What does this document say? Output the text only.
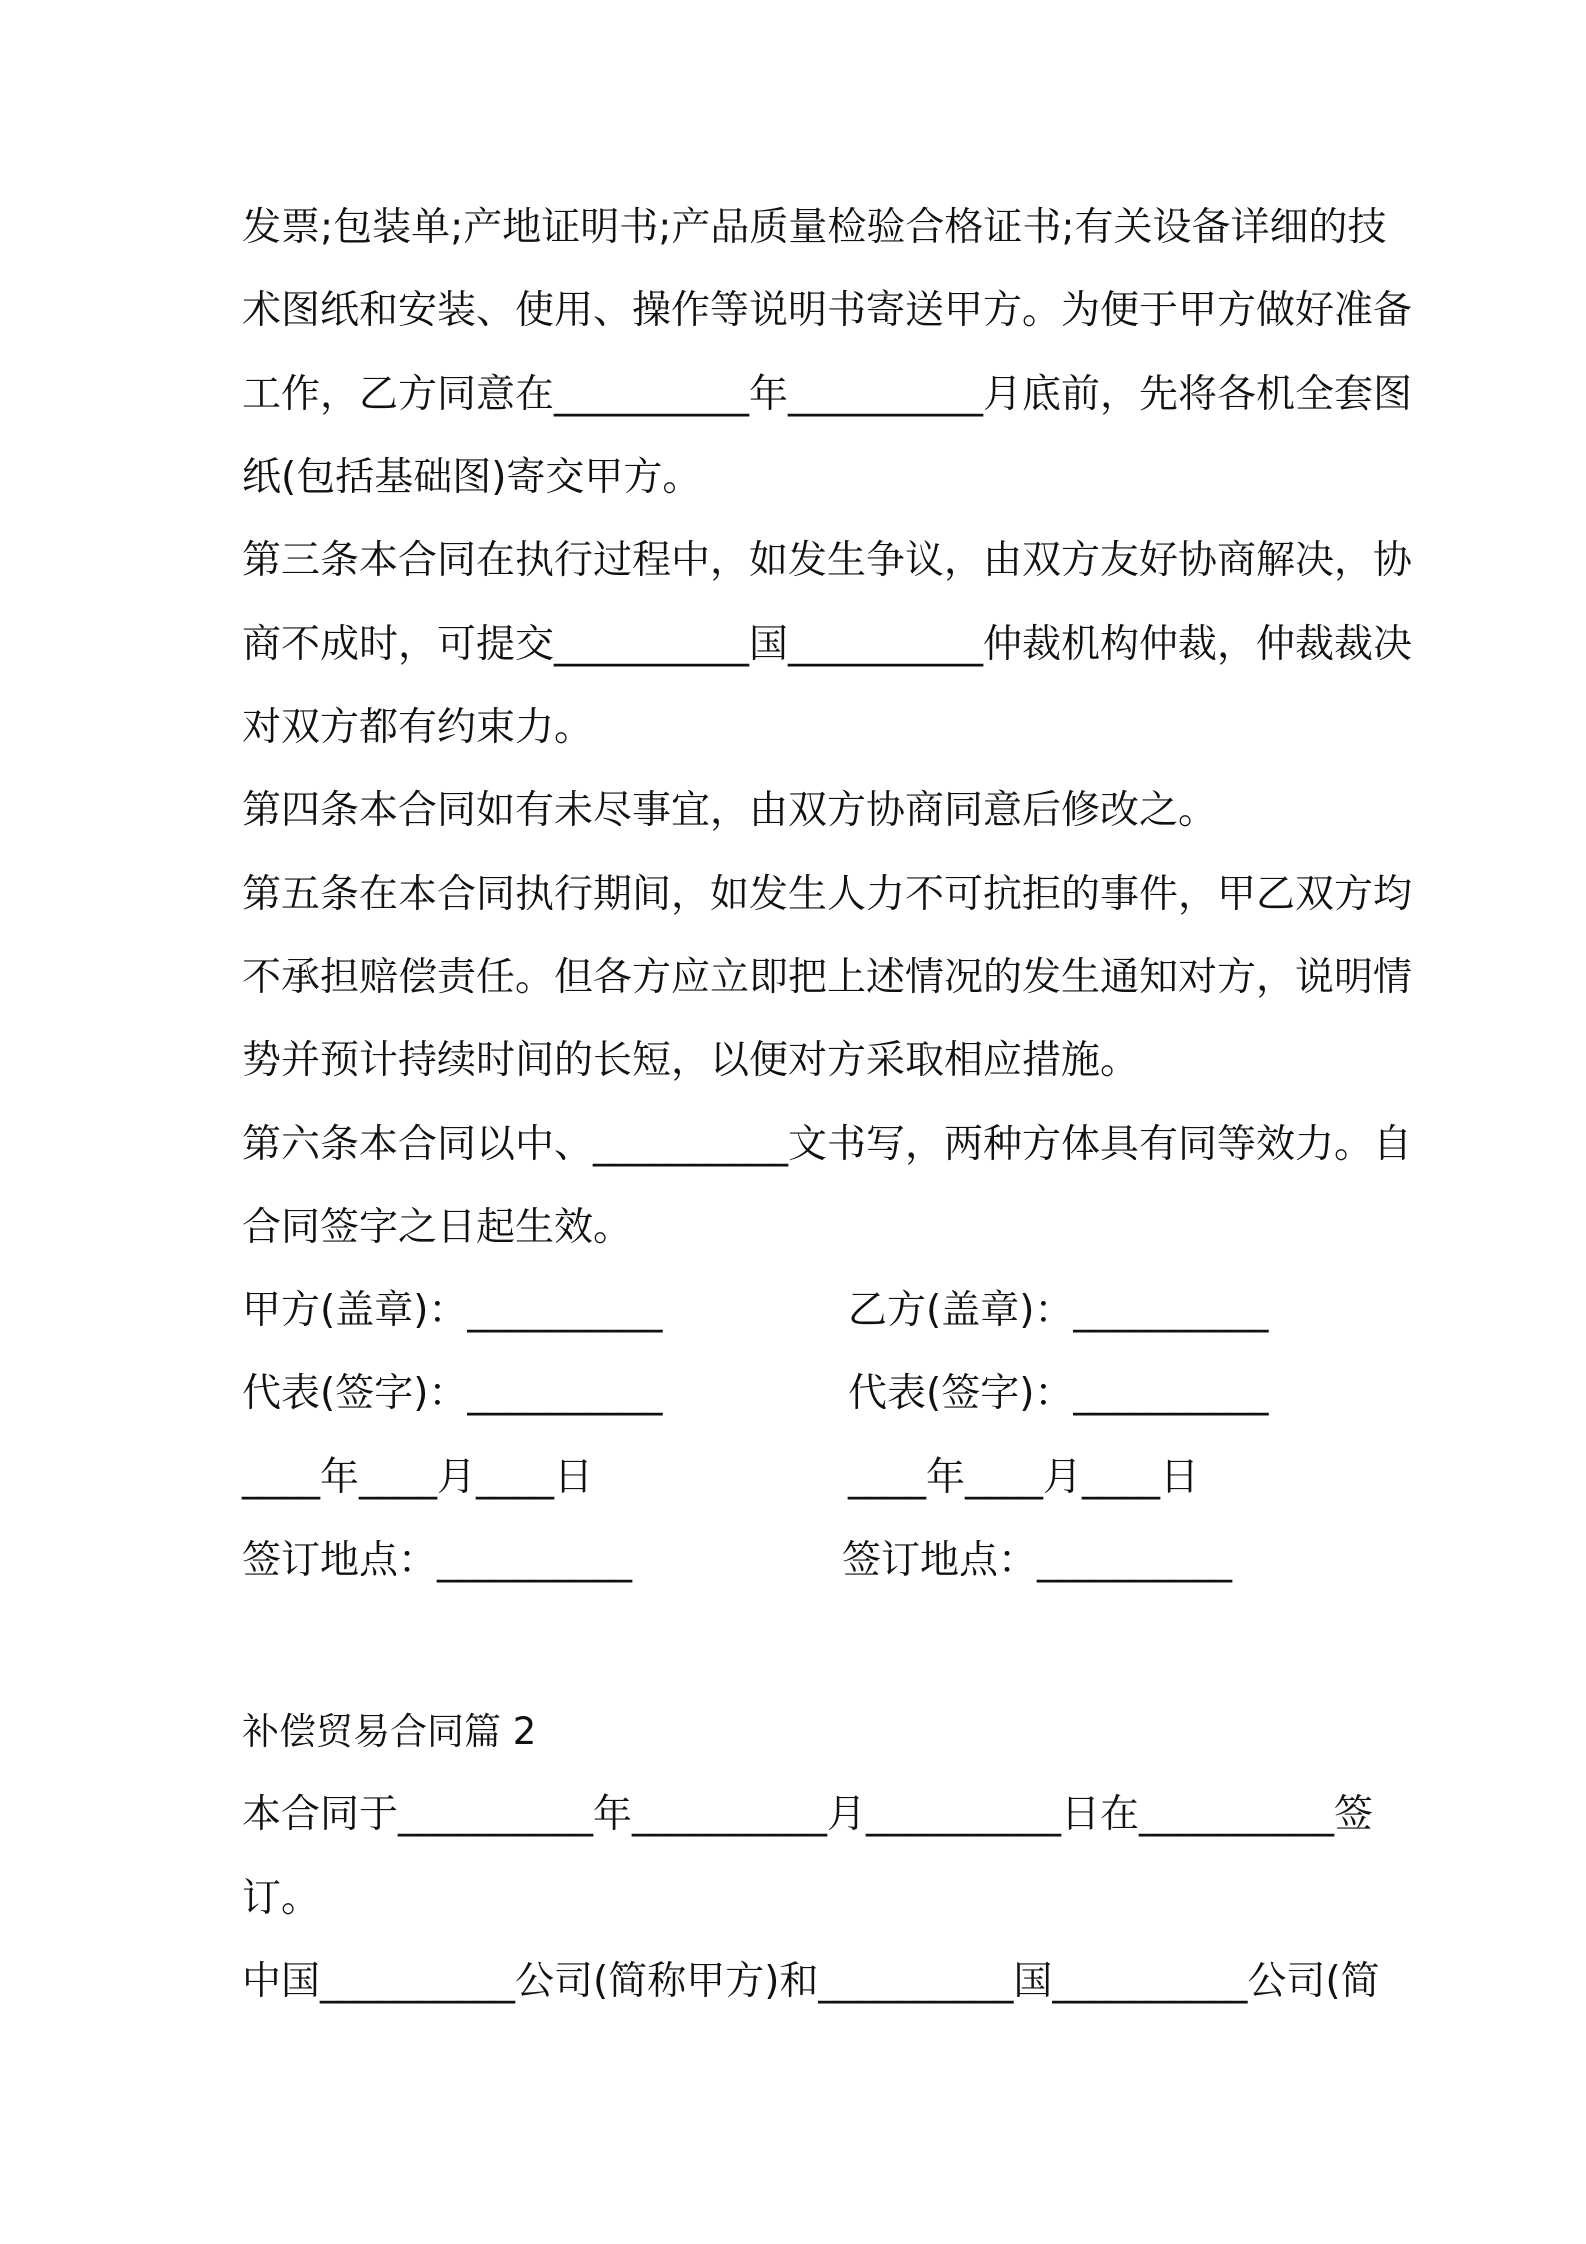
发票;包装单;产地证明书;产品质量检验合格证书;有关设备详细的技
术图纸和安装、使用、操作等说明书寄送甲方。为便于甲方做好准备
工作，乙方同意在__________年__________月底前，先将各机全套图
纸(包括基础图)寄交甲方。
第三条本合同在执行过程中，如发生争议，由双方友好协商解决，协
商不成时，可提交__________国__________仲裁机构仲裁，仲裁裁决
对双方都有约束力。
第四条本合同如有未尽事宜，由双方协商同意后修改之。
第五条在本合同执行期间，如发生人力不可抗拒的事件，甲乙双方均
不承担赔偿责任。但各方应立即把上述情况的发生通知对方，说明情
势并预计持续时间的长短，以便对方采取相应措施。
第六条本合同以中、__________文书写，两种方体具有同等效力。自
合同签字之日起生效。
甲方(盖章)：__________	乙方(盖章)：__________
代表(签字)：__________	代表(签字)：__________
____年____月____日	____年____月____日
签订地点：__________	签订地点：__________
补偿贸易合同篇 2
本合同于__________年__________月__________日在__________签
订。
中国__________公司(简称甲方)和__________国__________公司(简
